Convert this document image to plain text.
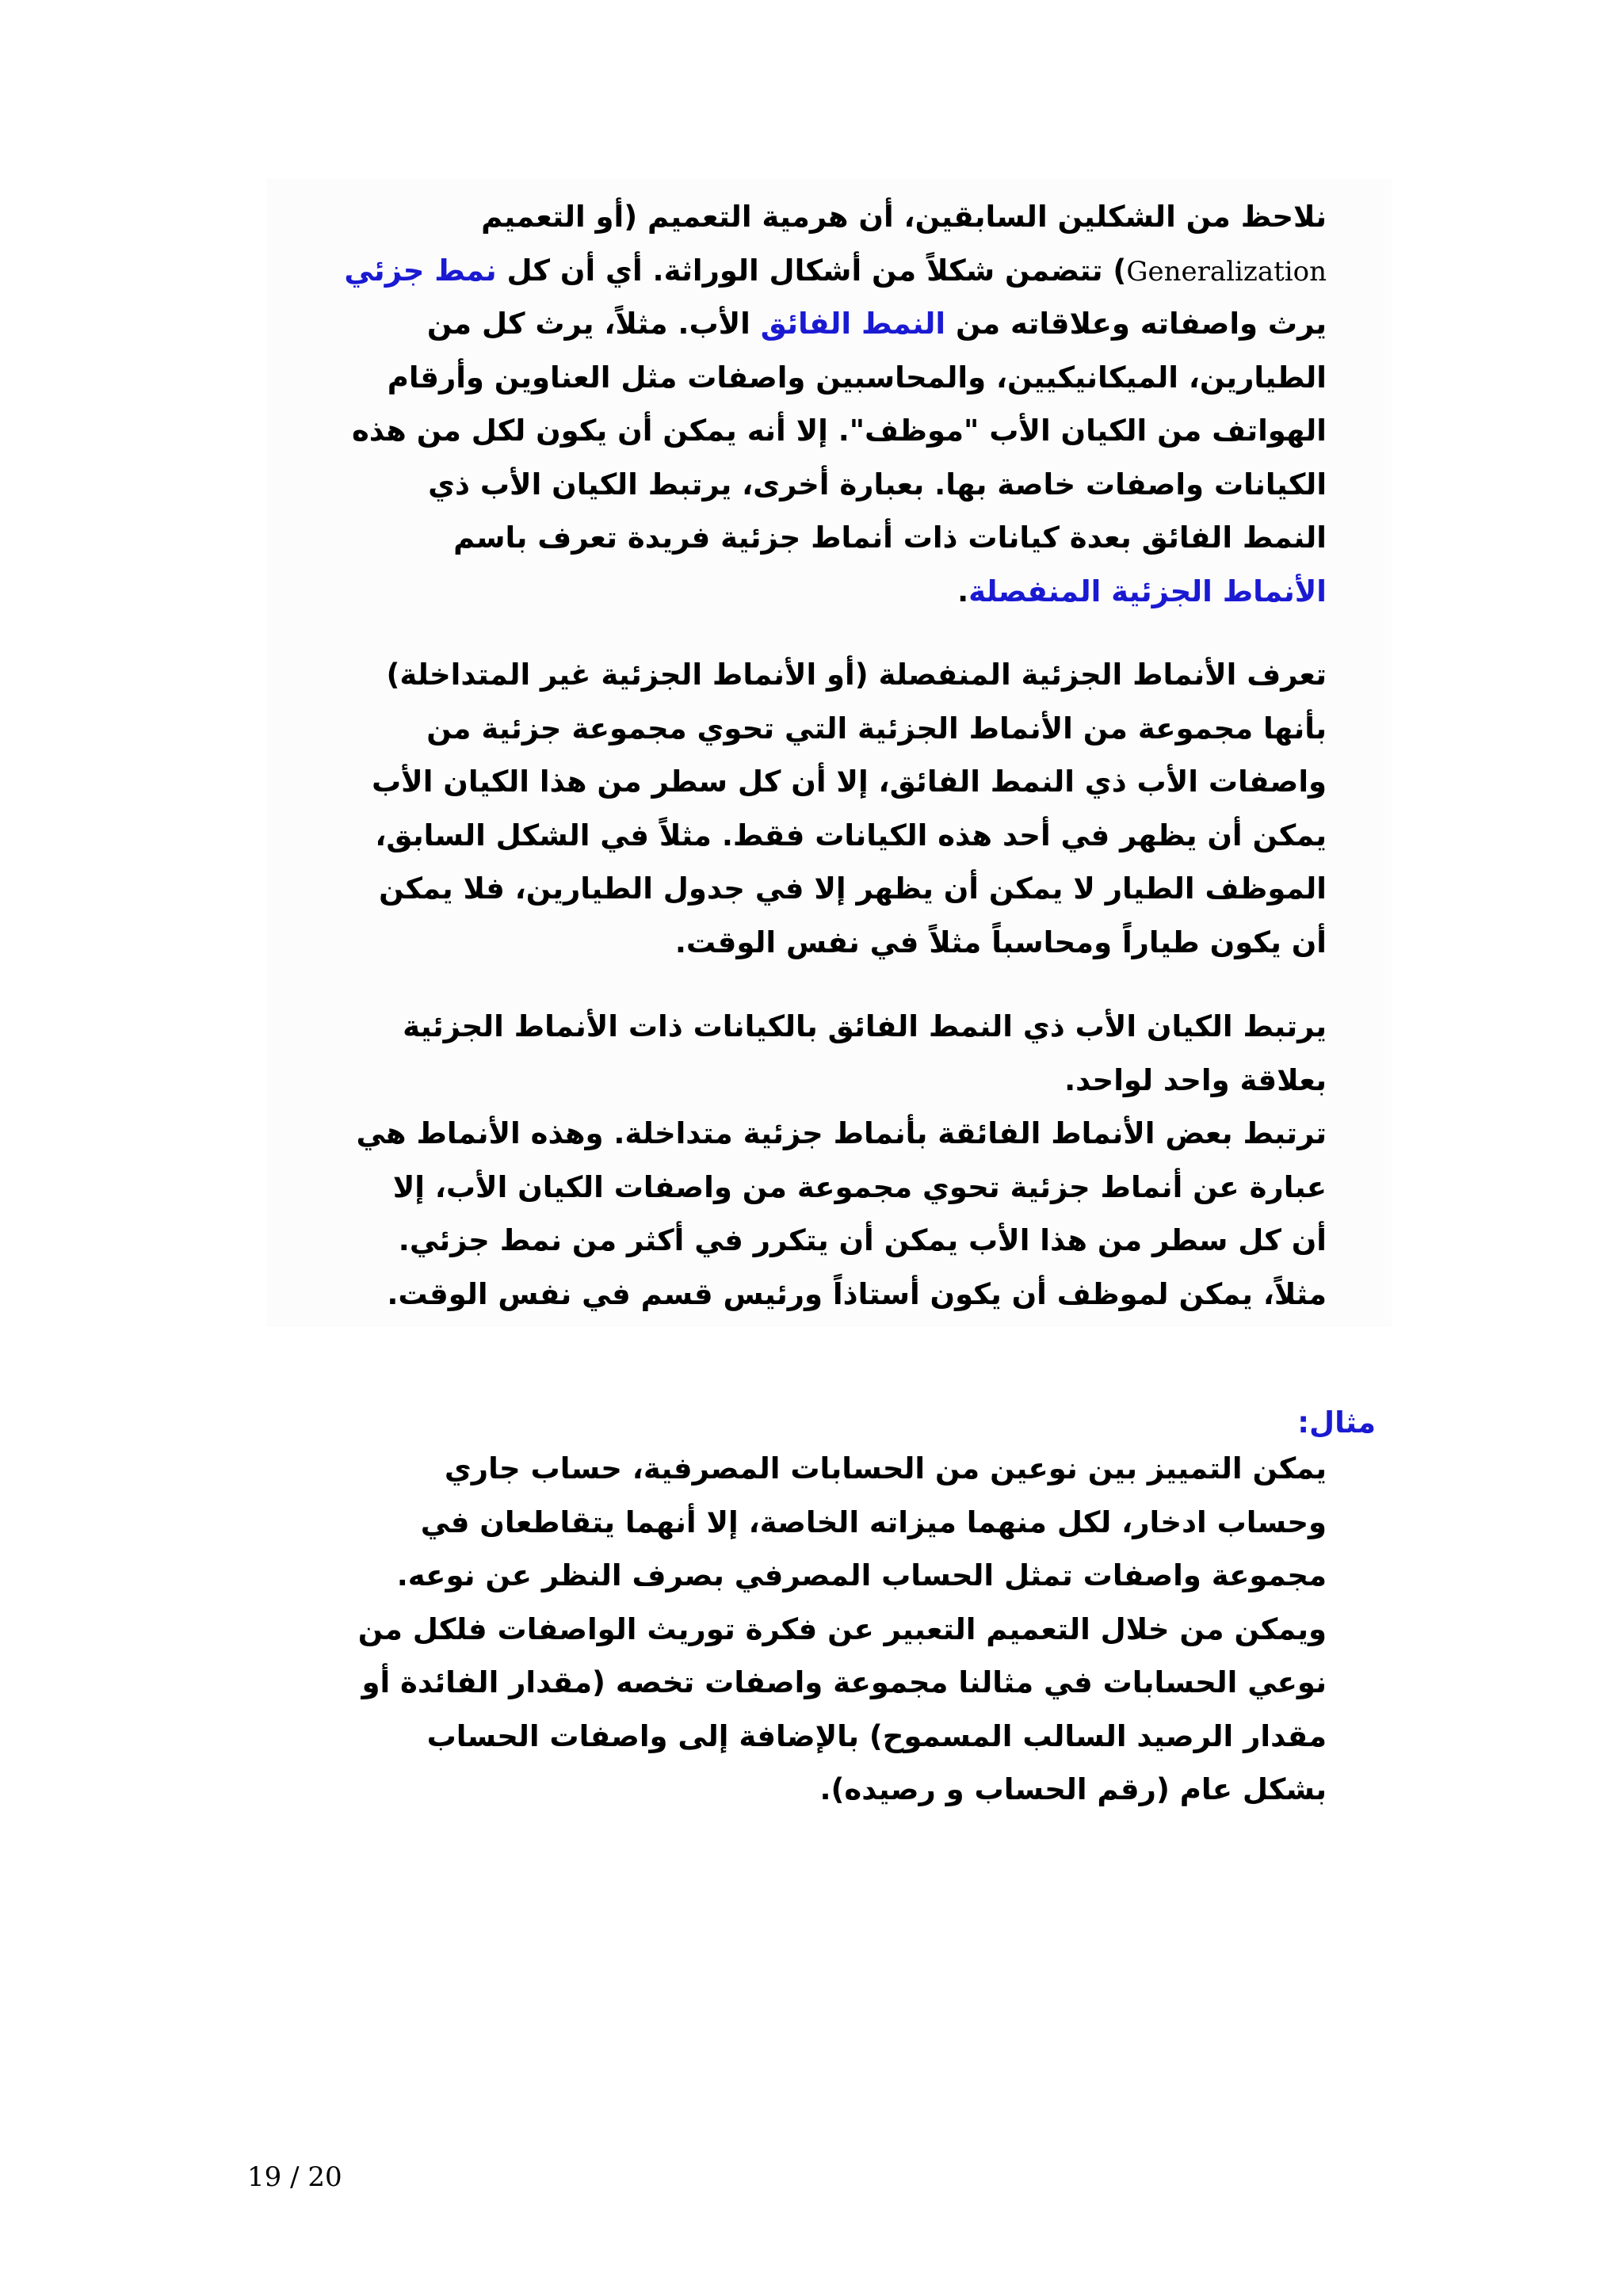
نلاحظ من الشكلين السابقين، أن هرمية التعميم (أو التعميم
Generalization) تتضمن شكلاً من أشكال الوراثة. أي أن كل نمط جزئي
يرث واصفاته وعلاقاته من النمط الفائق الأب. مثلاً، يرث كل من
الطيارين، الميكانيكيين، والمحاسبين واصفات مثل العناوين وأرقام
الهواتف من الكيان الأب "موظف". إلا أنه يمكن أن يكون لكل من هذه
الكيانات واصفات خاصة بها. بعبارة أخرى، يرتبط الكيان الأب ذي
النمط الفائق بعدة كيانات ذات أنماط جزئية فريدة تعرف باسم
الأنماط الجزئية المنفصلة.
تعرف الأنماط الجزئية المنفصلة (أو الأنماط الجزئية غير المتداخلة)
بأنها مجموعة من الأنماط الجزئية التي تحوي مجموعة جزئية من
واصفات الأب ذي النمط الفائق، إلا أن كل سطر من هذا الكيان الأب
يمكن أن يظهر في أحد هذه الكيانات فقط. مثلاً في الشكل السابق،
الموظف الطيار لا يمكن أن يظهر إلا في جدول الطيارين، فلا يمكن
أن يكون طياراً ومحاسباً مثلاً في نفس الوقت.
يرتبط الكيان الأب ذي النمط الفائق بالكيانات ذات الأنماط الجزئية
بعلاقة واحد لواحد.
ترتبط بعض الأنماط الفائقة بأنماط جزئية متداخلة. وهذه الأنماط هي
عبارة عن أنماط جزئية تحوي مجموعة من واصفات الكيان الأب، إلا
أن كل سطر من هذا الأب يمكن أن يتكرر في أكثر من نمط جزئي.
مثلاً، يمكن لموظف أن يكون أستاذاً ورئيس قسم في نفس الوقت.
مثال:
يمكن التمييز بين نوعين من الحسابات المصرفية، حساب جاري
وحساب ادخار، لكل منهما ميزاته الخاصة، إلا أنهما يتقاطعان في
مجموعة واصفات تمثل الحساب المصرفي بصرف النظر عن نوعه.
ويمكن من خلال التعميم التعبير عن فكرة توريث الواصفات فلكل من
نوعي الحسابات في مثالنا مجموعة واصفات تخصه (مقدار الفائدة أو
مقدار الرصيد السالب المسموح) بالإضافة إلى واصفات الحساب
بشكل عام (رقم الحساب و رصيده).
19 / 20
